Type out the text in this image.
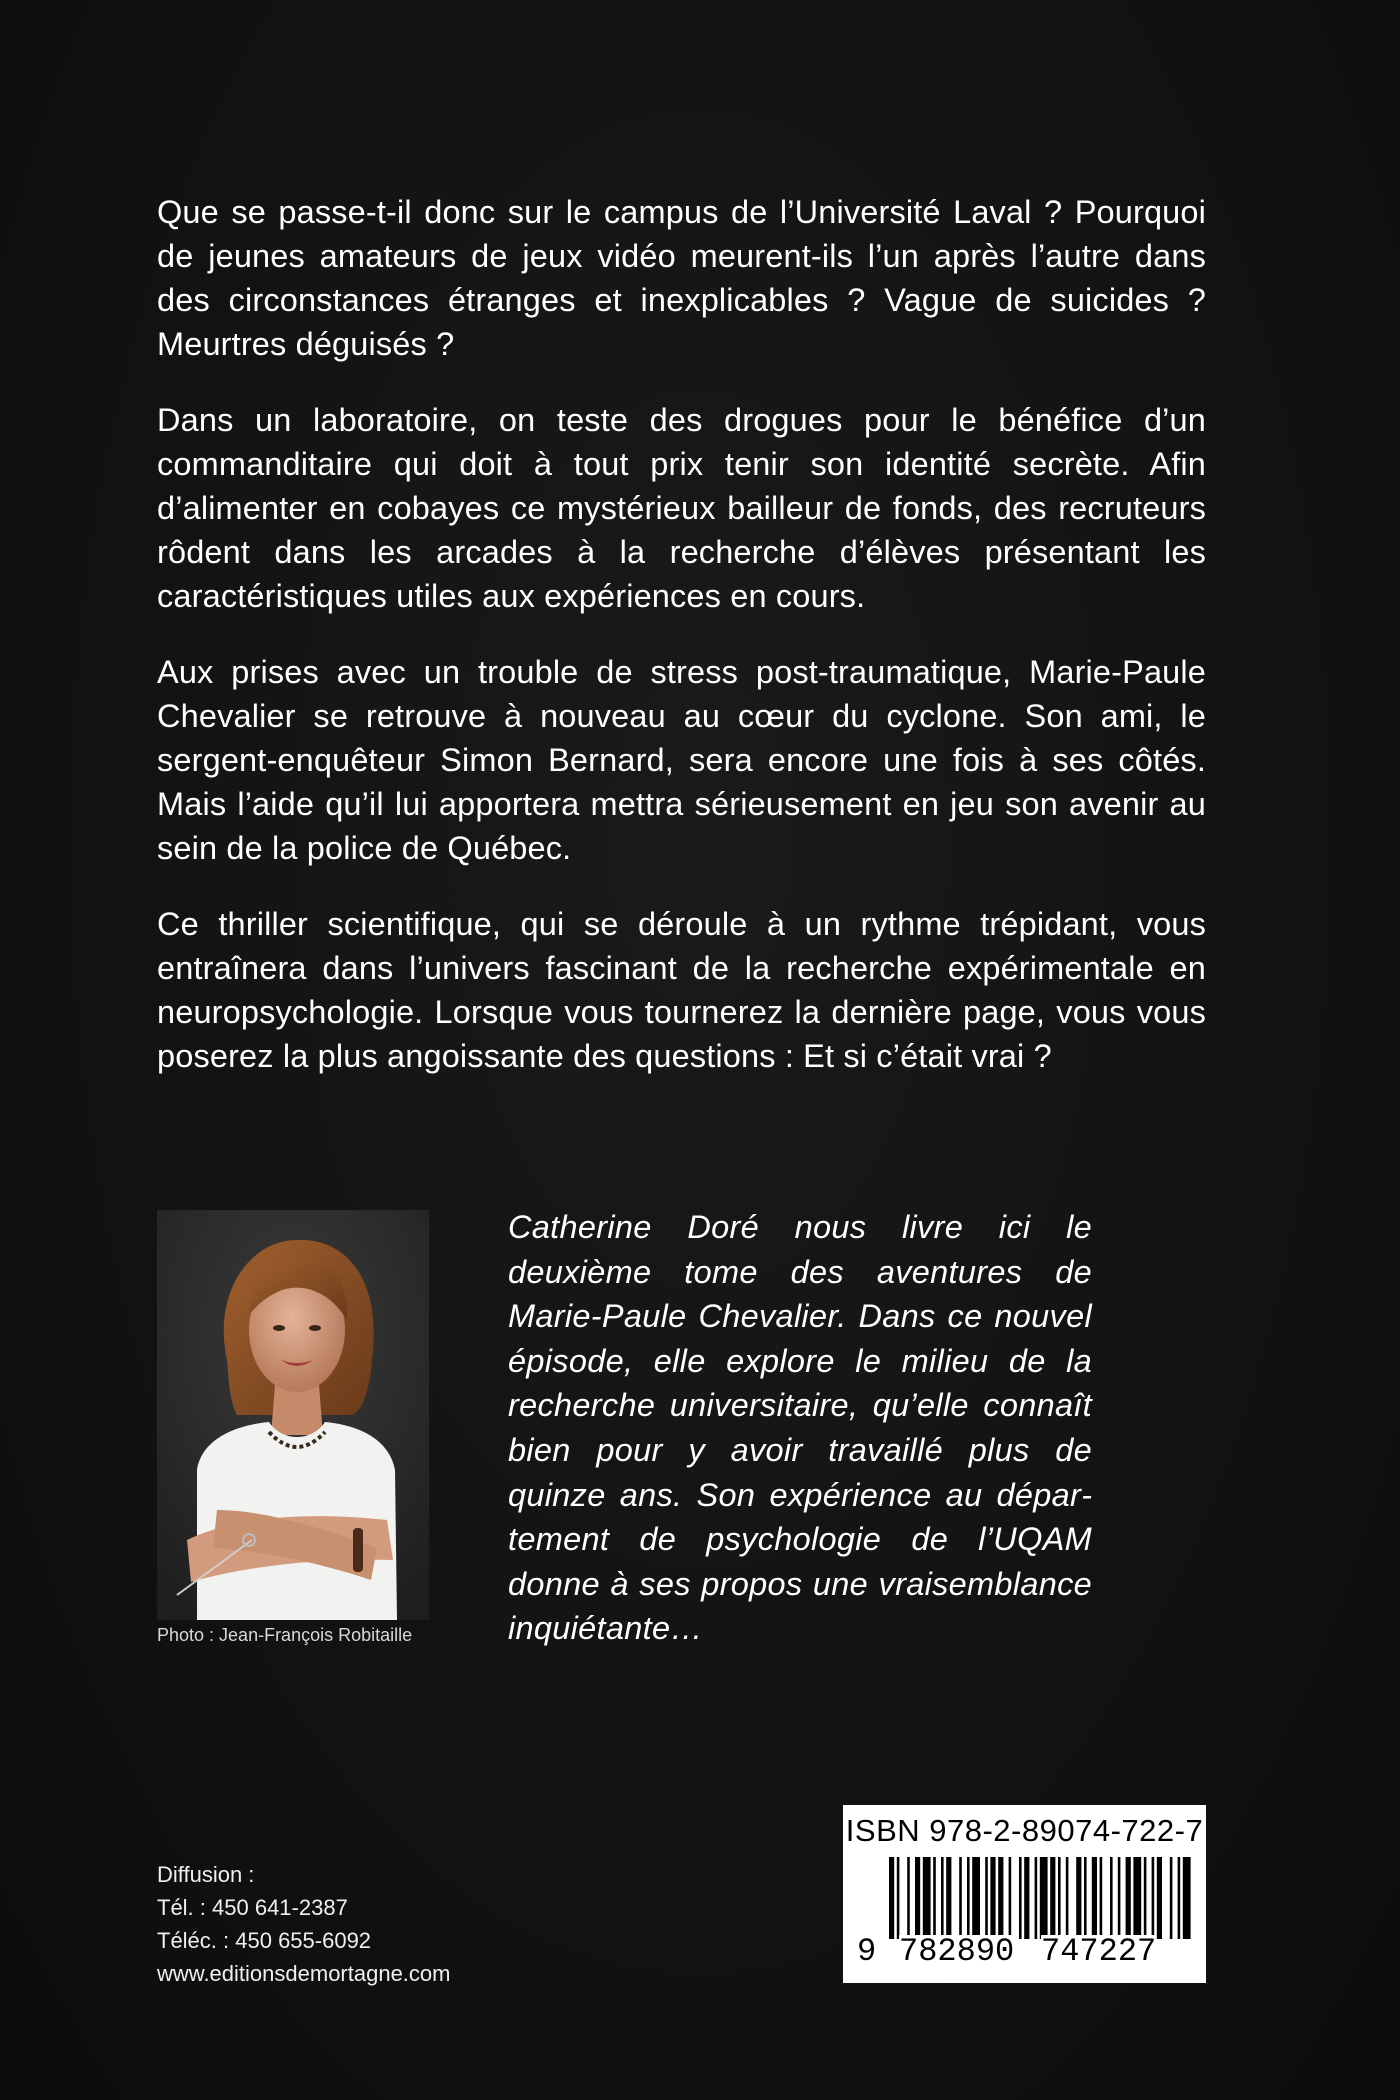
Que se passe-t-il donc sur le campus de l’Université Laval ? Pourquoi de jeunes amateurs de jeux vidéo meurent-ils l’un après l’autre dans des circonstances étranges et inexplicables ? Vague de suicides ? Meurtres déguisés ?

Dans un laboratoire, on teste des drogues pour le bénéfice d’un commanditaire qui doit à tout prix tenir son identité secrète. Afin d’alimenter en cobayes ce mystérieux bailleur de fonds, des recruteurs rôdent dans les arcades à la recherche d’élèves présentant les caractéristiques utiles aux expériences en cours.

Aux prises avec un trouble de stress post-traumatique, Marie-Paule Chevalier se retrouve à nouveau au cœur du cyclone. Son ami, le sergent-enquêteur Simon Bernard, sera encore une fois à ses côtés. Mais l’aide qu’il lui apportera mettra sérieusement en jeu son avenir au sein de la police de Québec.

Ce thriller scientifique, qui se déroule à un rythme trépidant, vous entraînera dans l’univers fascinant de la recherche expérimentale en neuropsychologie. Lorsque vous tournerez la dernière page, vous vous poserez la plus angoissante des questions : Et si c’était vrai ?

Photo : Jean-François Robitaille

Catherine Doré nous livre ici le deuxième tome des aventures de Marie-Paule Chevalier. Dans ce nouvel épisode, elle explore le milieu de la recherche universitaire, qu’elle connaît bien pour y avoir travaillé plus de quinze ans. Son expérience au département de psychologie de l’UQAM donne à ses propos une vraisemblance inquiétante…

Diffusion :
Tél. : 450 641-2387
Téléc. : 450 655-6092
www.editionsdemortagne.com
ISBN 978-2-89074-722-7
9 782890 747227
